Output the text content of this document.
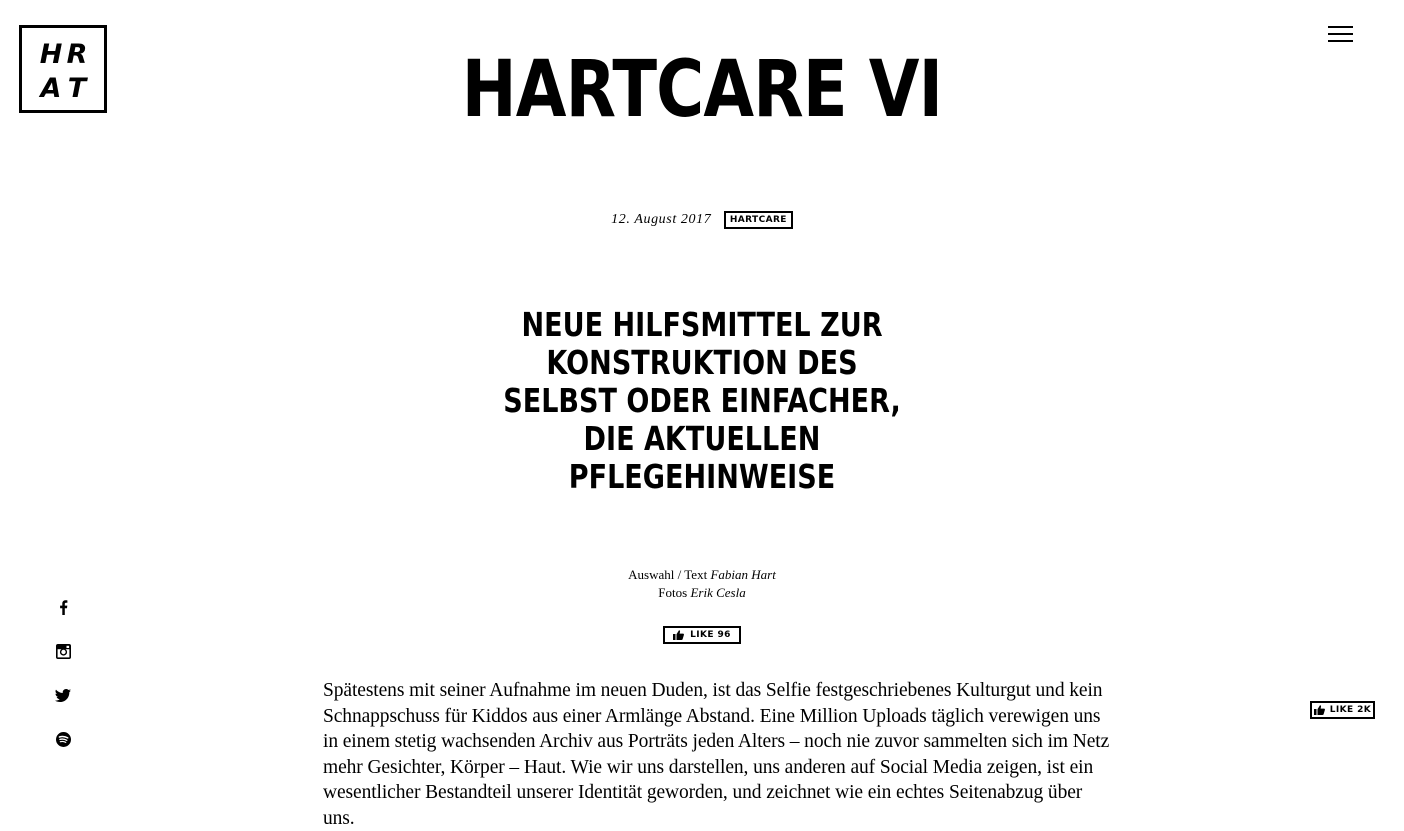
H R
A T	HARTCARE VI
12. August 2017 HARTCARE
NEUE HILFSMITTEL ZUR KONSTRUKTION DES SELBST ODER EINFACHER, DIE AKTUELLEN PFLEGEHINWEISE
Auswahl / Text Fabian Hart
Fotos Erik Cesla
LIKE 96

Spätestens mit seiner Aufnahme im neuen Duden, ist das Selfie festgeschriebenes Kulturgut und kein Schnappschuss für Kiddos aus einer Armlänge Abstand. Eine Million Uploads täglich verewigen uns in einem stetig wachsenden Archiv aus Porträts jeden Alters – noch nie zuvor sammelten sich im Netz mehr Gesichter, Körper – Haut. Wie wir uns darstellen, uns anderen auf Social Media zeigen, ist ein wesentlicher Bestandteil unserer Identität geworden, und zeichnet wie ein echtes Seitenabzug über uns.

LIKE 2K
